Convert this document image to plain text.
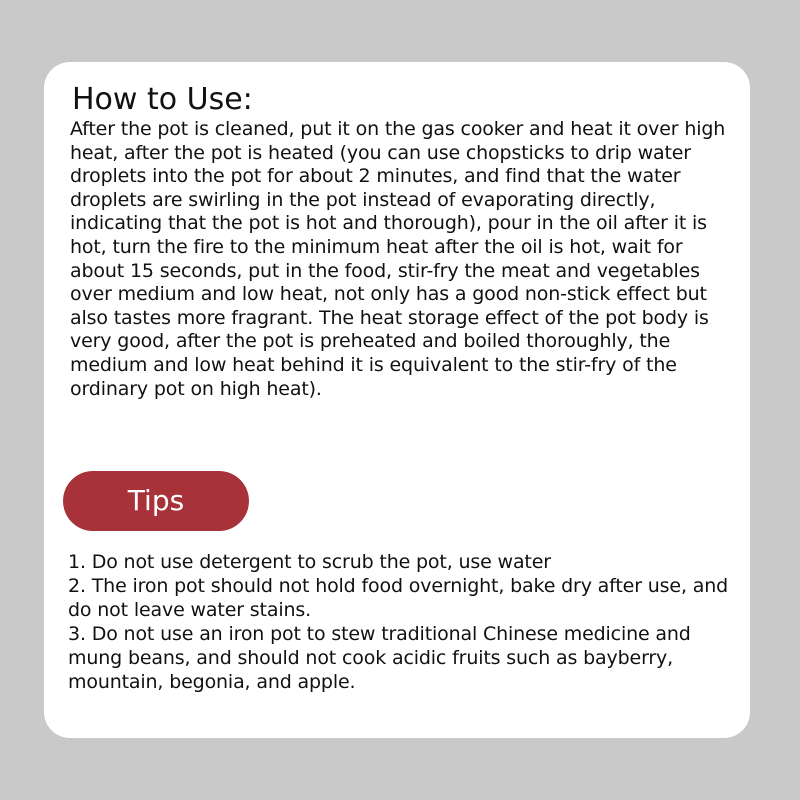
How to Use:

After the pot is cleaned, put it on the gas cooker and heat it over high heat, after the pot is heated (you can use chopsticks to drip water droplets into the pot for about 2 minutes, and find that the water droplets are swirling in the pot instead of evaporating directly, indicating that the pot is hot and thorough), pour in the oil after it is hot, turn the fire to the minimum heat after the oil is hot, wait for about 15 seconds, put in the food, stir-fry the meat and vegetables over medium and low heat, not only has a good non-stick effect but also tastes more fragrant. The heat storage effect of the pot body is very good, after the pot is preheated and boiled thoroughly, the medium and low heat behind it is equivalent to the stir-fry of the ordinary pot on high heat).

Tips
1. Do not use detergent to scrub the pot, use water
2. The iron pot should not hold food overnight, bake dry after use, and do not leave water stains.
3. Do not use an iron pot to stew traditional Chinese medicine and mung beans, and should not cook acidic fruits such as bayberry, mountain, begonia, and apple.
